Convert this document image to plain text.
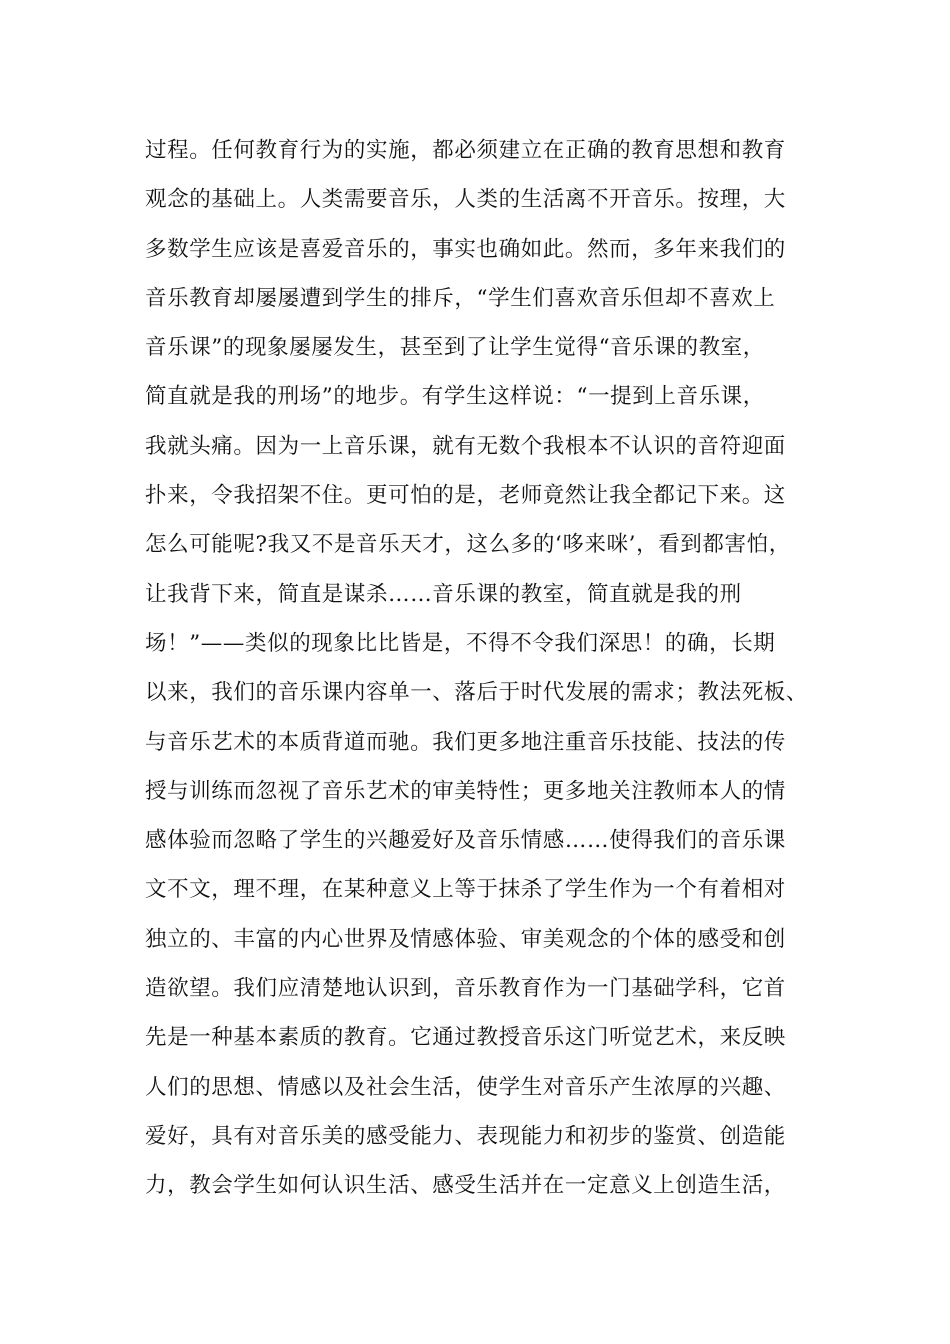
过程。任何教育行为的实施，都必须建立在正确的教育思想和教育
观念的基础上。人类需要音乐，人类的生活离不开音乐。按理，大
多数学生应该是喜爱音乐的，事实也确如此。然而，多年来我们的
音乐教育却屡屡遭到学生的排斥，“学生们喜欢音乐但却不喜欢上
音乐课”的现象屡屡发生，甚至到了让学生觉得“音乐课的教室，
简直就是我的刑场”的地步。有学生这样说：“一提到上音乐课，
我就头痛。因为一上音乐课，就有无数个我根本不认识的音符迎面
扑来，令我招架不住。更可怕的是，老师竟然让我全都记下来。这
怎么可能呢?我又不是音乐天才，这么多的‘哆来咪’，看到都害怕，
让我背下来，简直是谋杀……音乐课的教室，简直就是我的刑
场！”——类似的现象比比皆是，不得不令我们深思！的确，长期
以来，我们的音乐课内容单一、落后于时代发展的需求；教法死板、
与音乐艺术的本质背道而驰。我们更多地注重音乐技能、技法的传
授与训练而忽视了音乐艺术的审美特性；更多地关注教师本人的情
感体验而忽略了学生的兴趣爱好及音乐情感……使得我们的音乐课
文不文，理不理，在某种意义上等于抹杀了学生作为一个有着相对
独立的、丰富的内心世界及情感体验、审美观念的个体的感受和创
造欲望。我们应清楚地认识到，音乐教育作为一门基础学科，它首
先是一种基本素质的教育。它通过教授音乐这门听觉艺术，来反映
人们的思想、情感以及社会生活，使学生对音乐产生浓厚的兴趣、
爱好，具有对音乐美的感受能力、表现能力和初步的鉴赏、创造能
力，教会学生如何认识生活、感受生活并在一定意义上创造生活，
